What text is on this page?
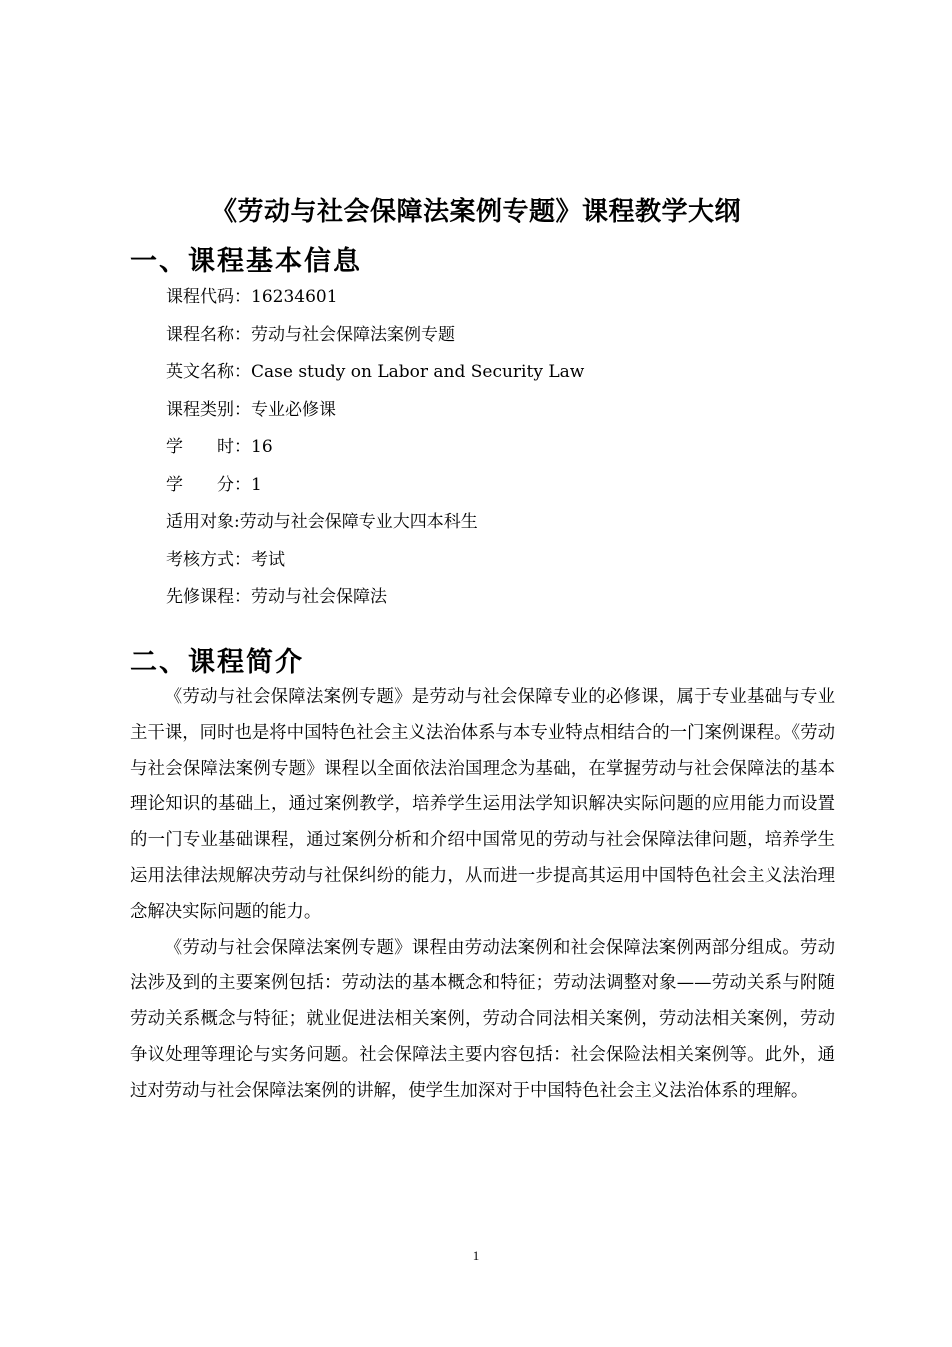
《劳动与社会保障法案例专题》课程教学大纲
一、课程基本信息
课程代码：16234601
课程名称：劳动与社会保障法案例专题
英文名称：Case study on Labor and Security Law
课程类别：专业必修课
学　　时：16
学　　分：1
适用对象:劳动与社会保障专业大四本科生
考核方式：考试
先修课程：劳动与社会保障法
二、课程简介

《劳动与社会保障法案例专题》是劳动与社会保障专业的必修课，属于专业基础与专业主干课，同时也是将中国特色社会主义法治体系与本专业特点相结合的一门案例课程。《劳动与社会保障法案例专题》课程以全面依法治国理念为基础，在掌握劳动与社会保障法的基本理论知识的基础上，通过案例教学，培养学生运用法学知识解决实际问题的应用能力而设置的一门专业基础课程，通过案例分析和介绍中国常见的劳动与社会保障法律问题，培养学生运用法律法规解决劳动与社保纠纷的能力，从而进一步提高其运用中国特色社会主义法治理念解决实际问题的能力。

《劳动与社会保障法案例专题》课程由劳动法案例和社会保障法案例两部分组成。劳动法涉及到的主要案例包括：劳动法的基本概念和特征；劳动法调整对象——劳动关系与附随劳动关系概念与特征；就业促进法相关案例，劳动合同法相关案例，劳动法相关案例，劳动争议处理等理论与实务问题。社会保障法主要内容包括：社会保险法相关案例等。此外，通过对劳动与社会保障法案例的讲解，使学生加深对于中国特色社会主义法治体系的理解。

1
